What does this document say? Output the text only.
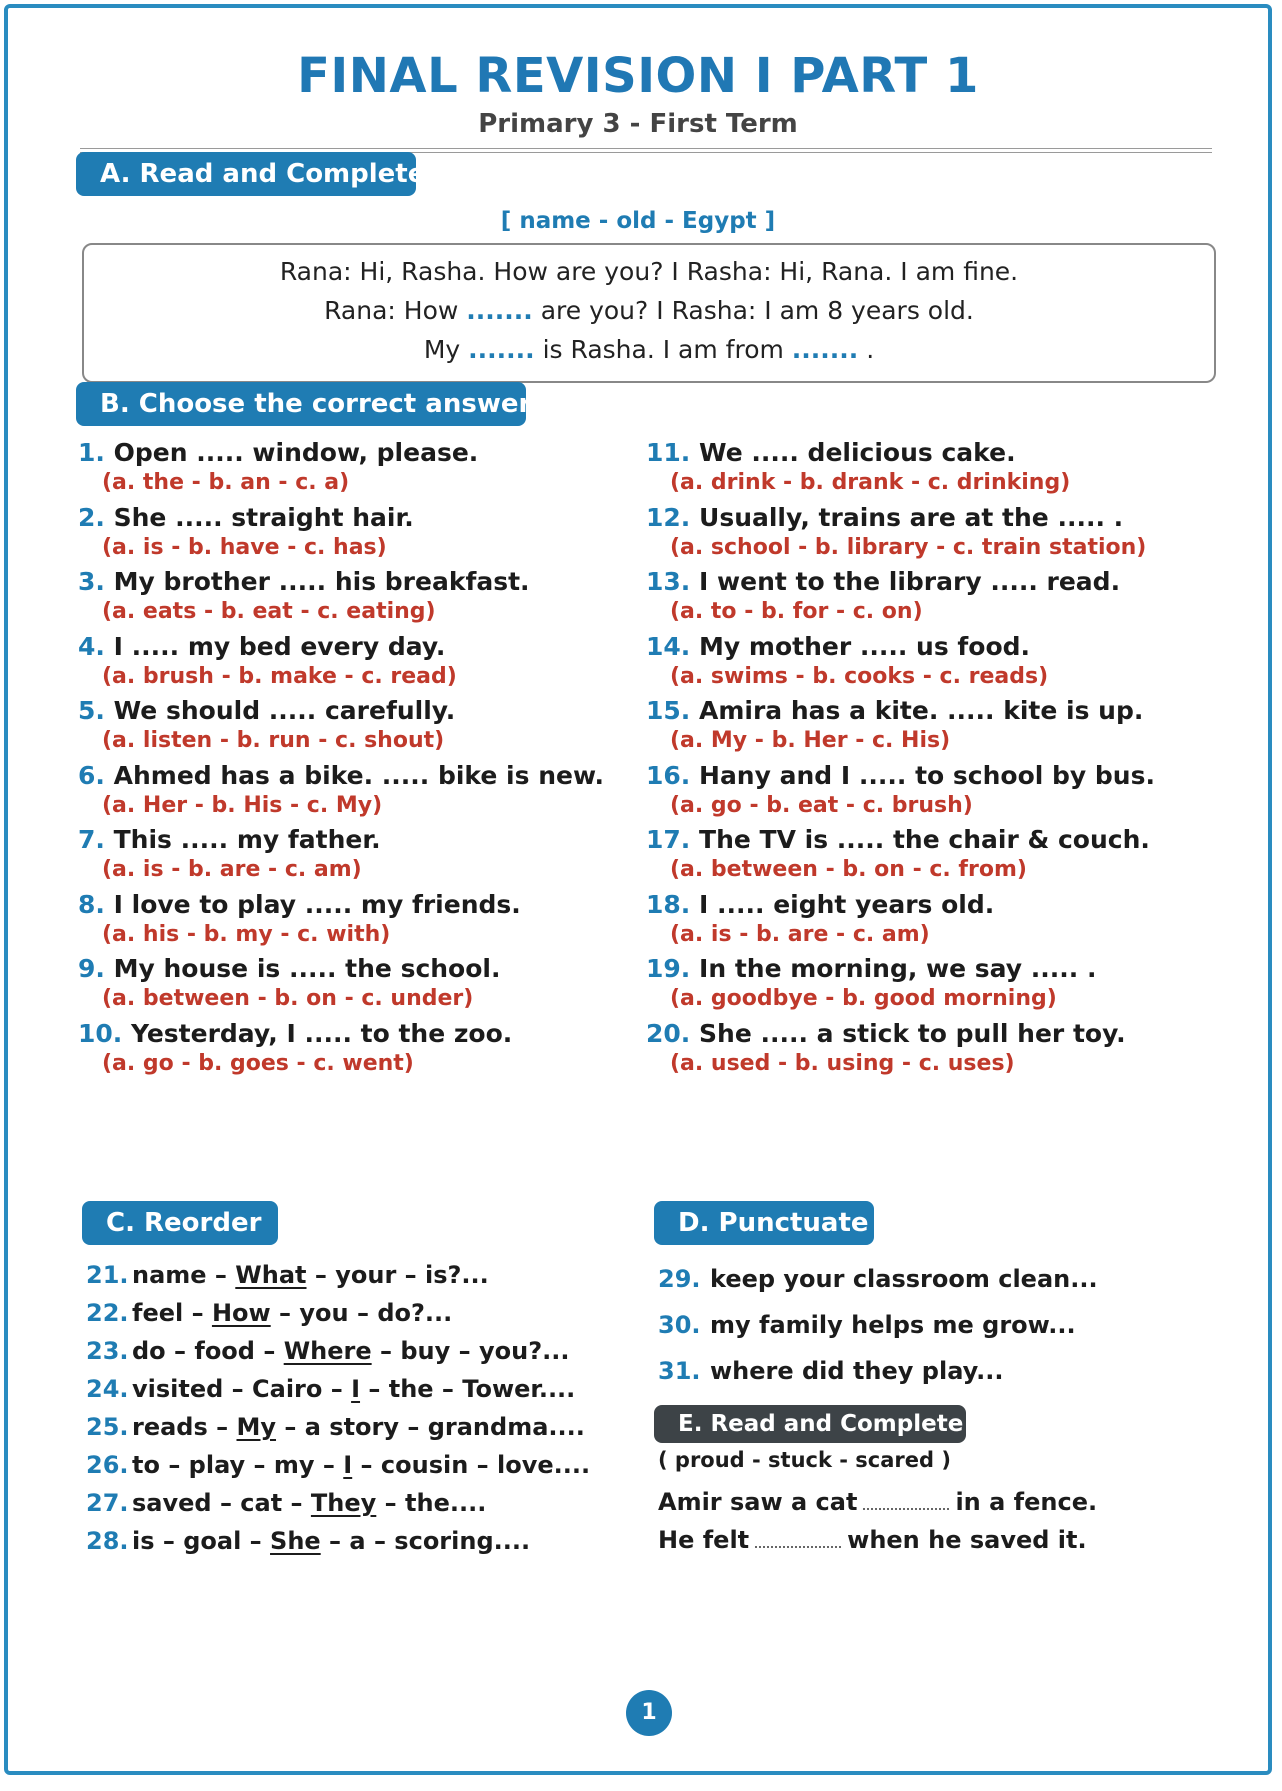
FINAL REVISION I PART 1
Primary 3 - First Term
A. Read and Complete
[ name - old - Egypt ]
Rana: Hi, Rasha. How are you? I Rasha: Hi, Rana. I am fine.
Rana: How ....... are you? I Rasha: I am 8 years old.
My ....... is Rasha. I am from ....... .
B. Choose the correct answer
1. Open ..... window, please.
(a. the - b. an - c. a)
2. She ..... straight hair.
(a. is - b. have - c. has)
3. My brother ..... his breakfast.
(a. eats - b. eat - c. eating)
4. I ..... my bed every day.
(a. brush - b. make - c. read)
5. We should ..... carefully.
(a. listen - b. run - c. shout)
6. Ahmed has a bike. ..... bike is new.
(a. Her - b. His - c. My)
7. This ..... my father.
(a. is - b. are - c. am)
8. I love to play ..... my friends.
(a. his - b. my - c. with)
9. My house is ..... the school.
(a. between - b. on - c. under)
10. Yesterday, I ..... to the zoo.
(a. go - b. goes - c. went)
11. We ..... delicious cake.
(a. drink - b. drank - c. drinking)
12. Usually, trains are at the ..... .
(a. school - b. library - c. train station)
13. I went to the library ..... read.
(a. to - b. for - c. on)
14. My mother ..... us food.
(a. swims - b. cooks - c. reads)
15. Amira has a kite. ..... kite is up.
(a. My - b. Her - c. His)
16. Hany and I ..... to school by bus.
(a. go - b. eat - c. brush)
17. The TV is ..... the chair & couch.
(a. between - b. on - c. from)
18. I ..... eight years old.
(a. is - b. are - c. am)
19. In the morning, we say ..... .
(a. goodbye - b. good morning)
20. She ..... a stick to pull her toy.
(a. used - b. using - c. uses)
C. Reorder
21. name – What – your – is?...
22. feel – How – you – do?...
23. do – food – Where – buy – you?...
24. visited – Cairo – I – the – Tower....
25. reads – My – a story – grandma....
26. to – play – my – I – cousin – love....
27. saved – cat – They – the....
28. is – goal – She – a – scoring....
D. Punctuate
29. keep your classroom clean...
30. my family helps me grow...
31. where did they play...
E. Read and Complete
( proud - stuck - scared )
Amir saw a cat	in a fence.
He felt	when he saved it.
1
